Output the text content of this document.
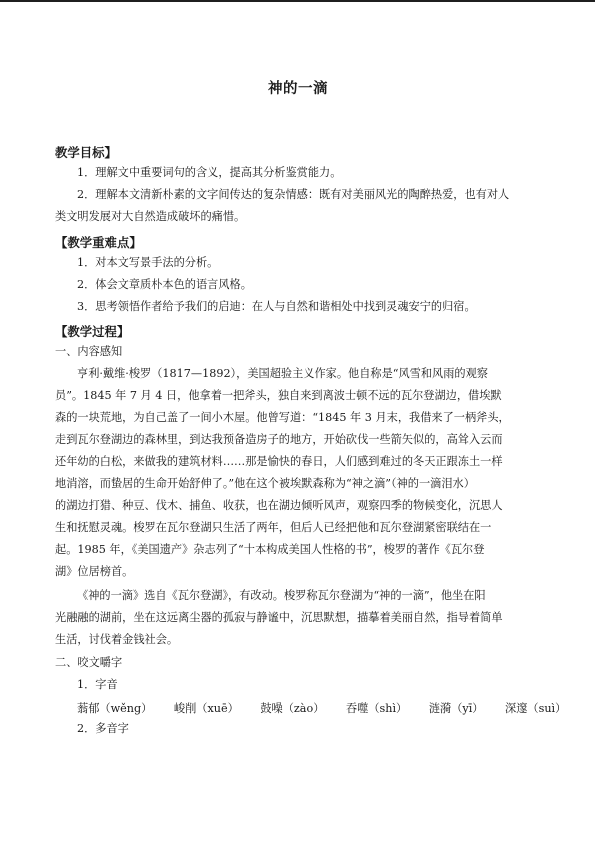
神的一滴
教学目标】
1．理解文中重要词句的含义，提高其分析鉴赏能力。
2．理解本文清新朴素的文字间传达的复杂情感：既有对美丽风光的陶醉热爱，也有对人
类文明发展对大自然造成破坏的痛惜。
【教学重难点】
1．对本文写景手法的分析。
2．体会文章质朴本色的语言风格。
3．思考领悟作者给予我们的启迪：在人与自然和谐相处中找到灵魂安宁的归宿。
【教学过程】
一、内容感知
亨利·戴维·梭罗（1817—1892），美国超验主义作家。他自称是“风雪和风雨的观察
员”。1845 年 7 月 4 日，他拿着一把斧头，独自来到离波士顿不远的瓦尔登湖边，借埃默
森的一块荒地，为自己盖了一间小木屋。他曾写道：“1845 年 3 月末，我借来了一柄斧头，
走到瓦尔登湖边的森林里，到达我预备造房子的地方，开始砍伐一些箭矢似的，高耸入云而
还年幼的白松，来做我的建筑材料……那是愉快的春日，人们感到难过的冬天正跟冻土一样
地消溶，而蛰居的生命开始舒伸了。”他在这个被埃默森称为“神之滴”（神的一滴泪水）
的湖边打猎、种豆、伐木、捕鱼、收获，也在湖边倾听风声，观察四季的物候变化，沉思人
生和抚慰灵魂。梭罗在瓦尔登湖只生活了两年，但后人已经把他和瓦尔登湖紧密联结在一
起。1985 年，《美国遗产》杂志列了“十本构成美国人性格的书”，梭罗的著作《瓦尔登
湖》位居榜首。
《神的一滴》选自《瓦尔登湖》，有改动。梭罗称瓦尔登湖为“神的一滴”，他坐在阳
光融融的湖前，坐在这远离尘器的孤寂与静谧中，沉思默想，描摹着美丽自然，指导着简单
生活，讨伐着金钱社会。
二、咬文嚼字
1．字音
蓊郁（wěng） 峻削（xuē） 鼓噪（zào） 吞噬（shì） 涟漪（yī） 深邃（suì）
2．多音字
